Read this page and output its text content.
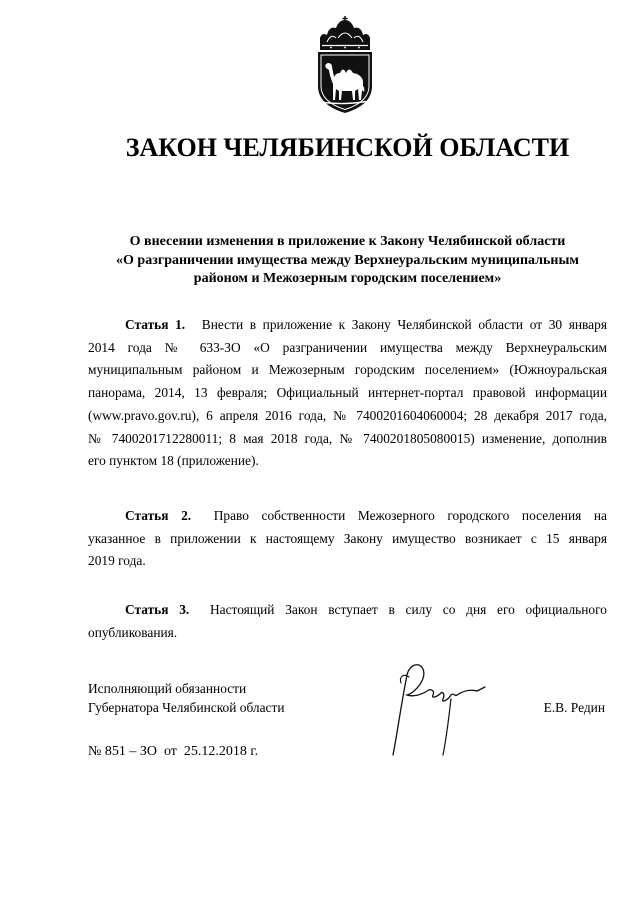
ЗАКОН ЧЕЛЯБИНСКОЙ ОБЛАСТИ
О внесении изменения в приложение к Закону Челябинской области
«О разграничении имущества между Верхнеуральским муниципальным
районом и Межозерным городским поселением»
Статья 1. Внести в приложение к Закону Челябинской области от 30 января
2014 года № 633-ЗО «О разграничении имущества между Верхнеуральским
муниципальным районом и Межозерным городским поселением» (Южноуральская
панорама, 2014, 13 февраля; Официальный интернет-портал правовой информации
(www.pravo.gov.ru), 6 апреля 2016 года, № 7400201604060004; 28 декабря 2017 года,
№ 7400201712280011; 8 мая 2018 года, № 7400201805080015) изменение, дополнив
его пунктом 18 (приложение).
Статья 2. Право собственности Межозерного городского поселения на
указанное в приложении к настоящему Закону имущество возникает с 15 января
2019 года.
Статья 3. Настоящий Закон вступает в силу со дня его официального
опубликования.
Исполняющий обязанности
Губернатора Челябинской области	Е.В. Редин
№ 851 – ЗО  от  25.12.2018 г.
